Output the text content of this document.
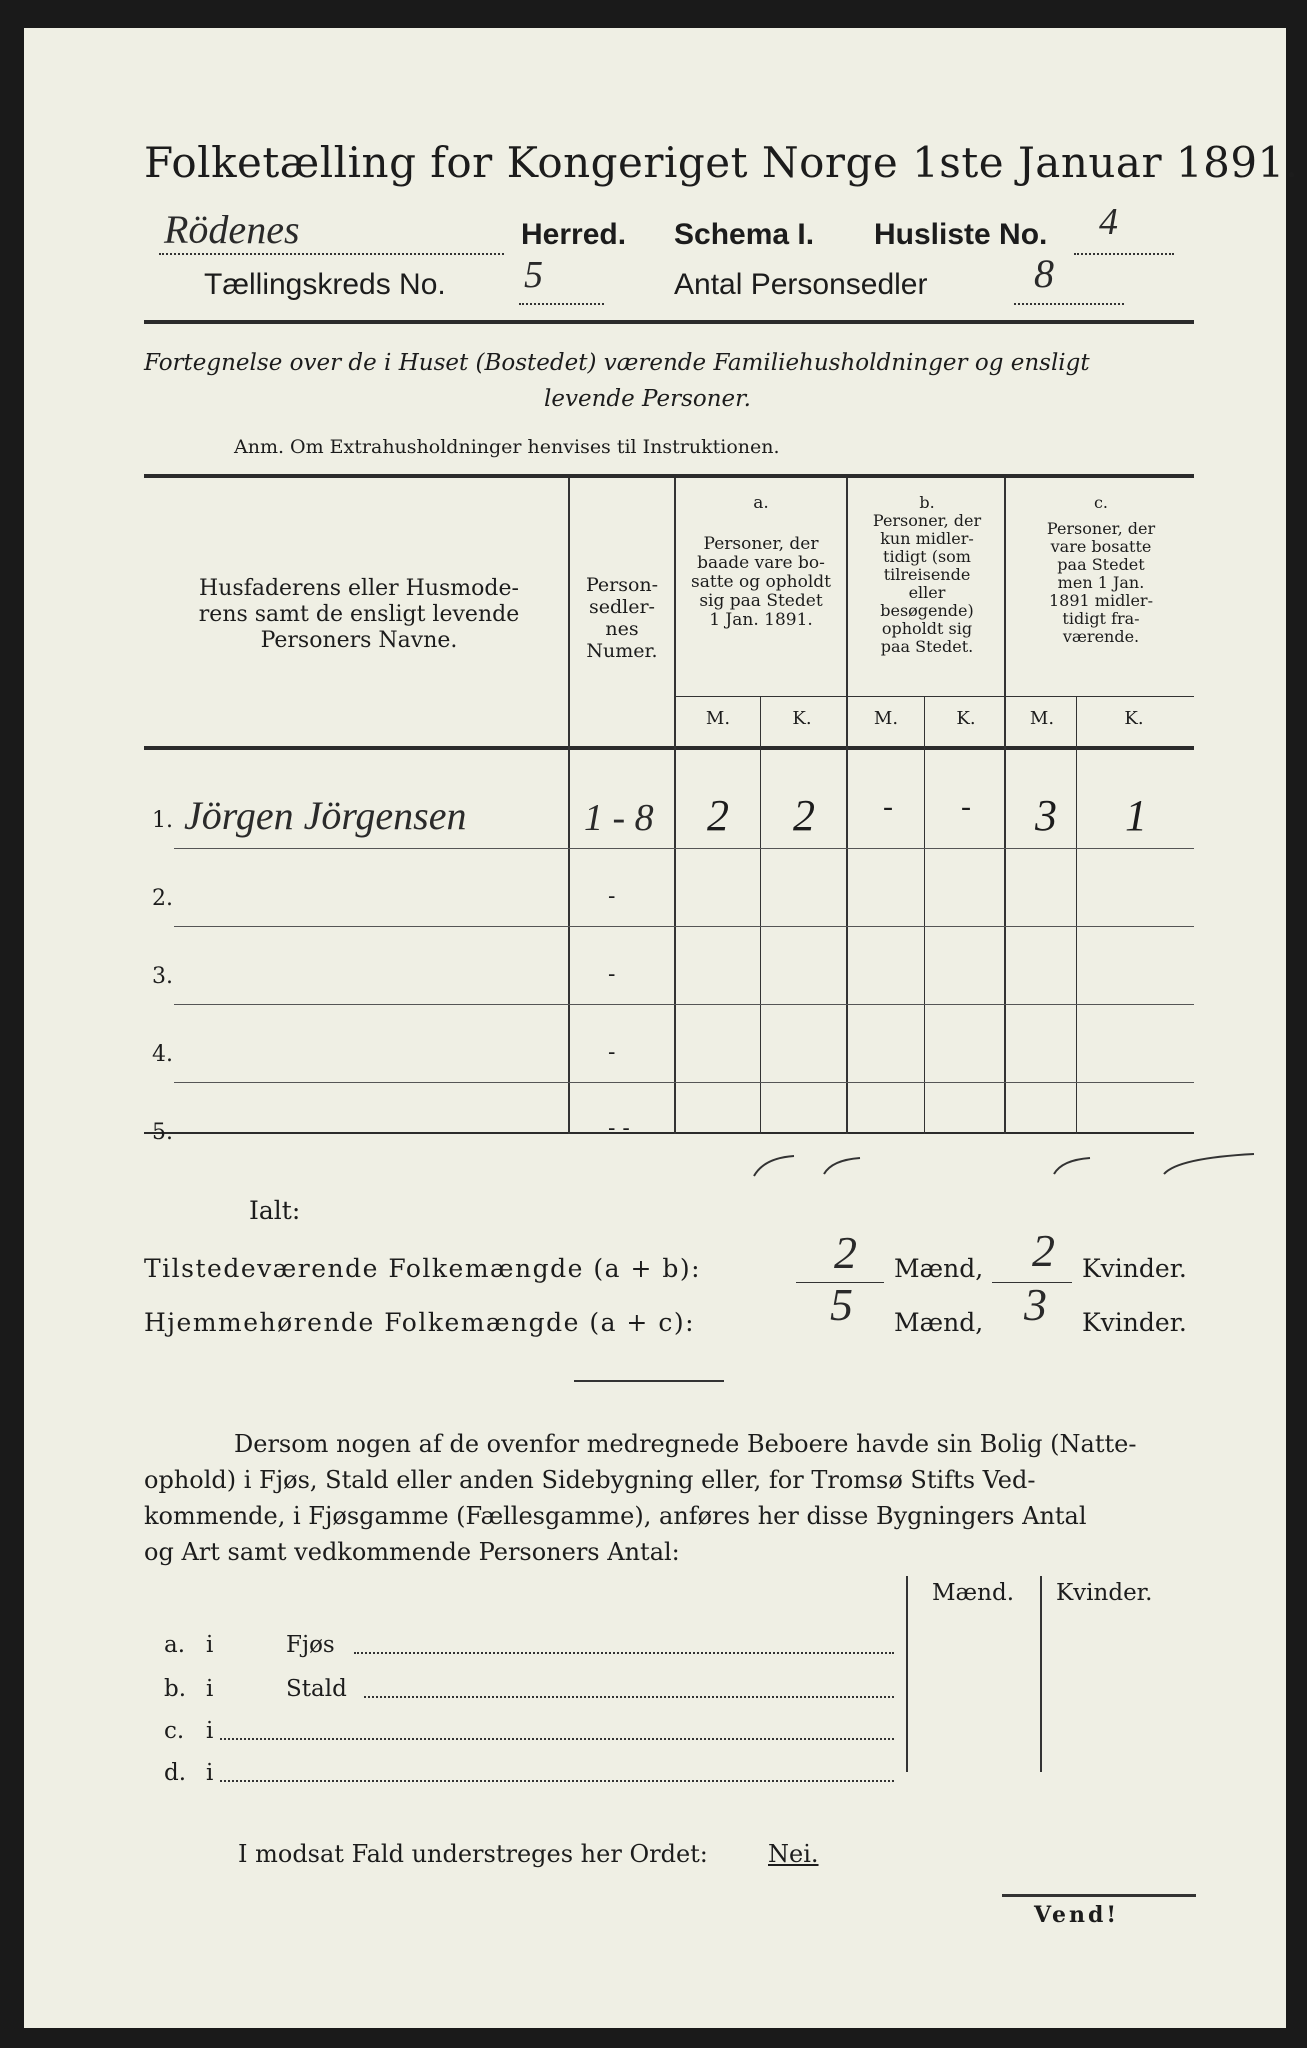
Folketælling for Kongeriget Norge 1ste Januar 1891.
Rödenes	Herred. Schema I. Husliste No. 4
Tællingskreds No. 5	Antal Personsedler	8
Fortegnelse over de i Huset (Bostedet) værende Familiehusholdninger og ensligt
levende Personer.
Anm. Om Extrahusholdninger henvises til Instruktionen.
Husfaderens eller Husmode-
rens samt de ensligt levende
Personers Navne.
Person-
sedler-
nes
Numer.
a.
Personer, der
baade vare bo-
satte og opholdt
sig paa Stedet
1 Jan. 1891.
b.
Personer, der
kun midler-
tidigt (som
tilreisende
eller
besøgende)
opholdt sig
paa Stedet.
c.
Personer, der
vare bosatte
paa Stedet
men 1 Jan.
1891 midler-
tidigt fra-
værende.
M.	K.	M.	K.	M.	K.
1. Jörgen Jörgensen	1 - 8	2	2	-	-	3	1
2.	-
3.	-
4.	-
5.	- -
Ialt:
Tilstedeværende Folkemængde (a + b):	2 Mænd, 2 Kvinder.
Hjemmehørende Folkemængde (a + c):	5 Mænd, 3 Kvinder.
Dersom nogen af de ovenfor medregnede Beboere havde sin Bolig (Natte-
ophold) i Fjøs, Stald eller anden Sidebygning eller, for Tromsø Stifts Ved-
kommende, i Fjøsgamme (Fællesgamme), anføres her disse Bygningers Antal
og Art samt vedkommende Personers Antal:
Mænd. Kvinder.
a. i	Fjøs
b. i	Stald
c. i
d. i
I modsat Fald understreges her Ordet:	Nei.
Vend!
